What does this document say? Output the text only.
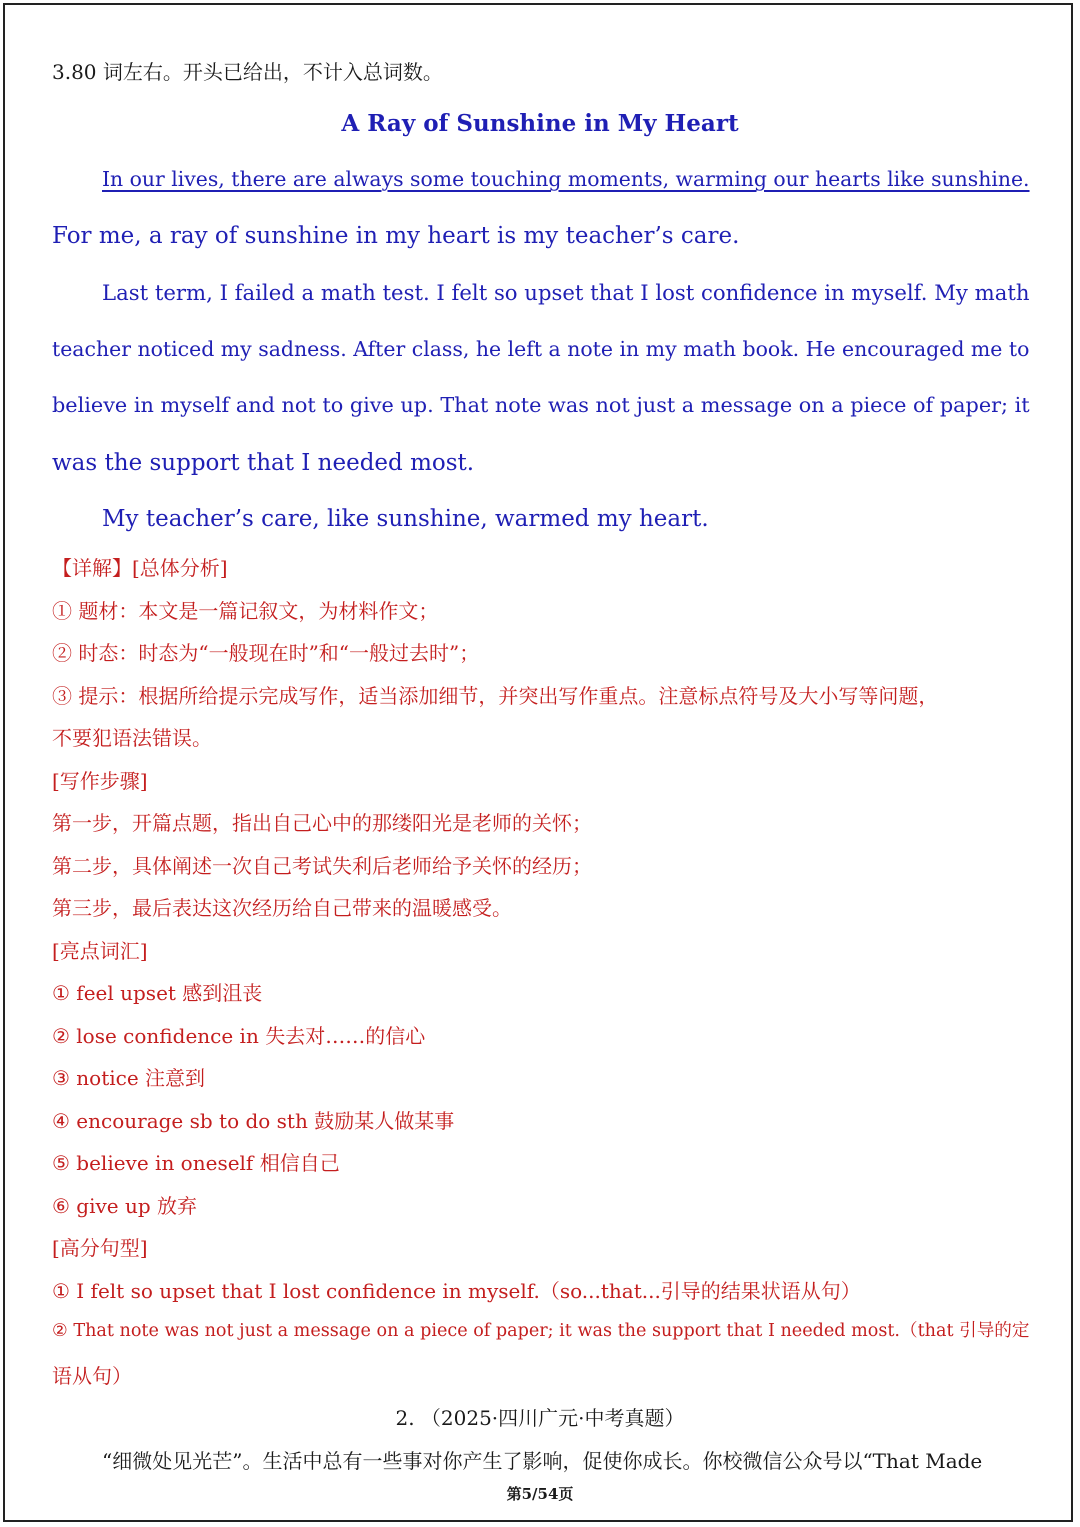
3.80 词左右。开头已给出，不计入总词数。
A Ray of Sunshine in My Heart
In our lives, there are always some touching moments, warming our hearts like sunshine.
For me, a ray of sunshine in my heart is my teacher’s care.
Last term, I failed a math test. I felt so upset that I lost confidence in myself. My math
teacher noticed my sadness. After class, he left a note in my math book. He encouraged me to
believe in myself and not to give up. That note was not just a message on a piece of paper; it
was the support that I needed most.
My teacher’s care, like sunshine, warmed my heart.
【详解】[总体分析]
① 题材：本文是一篇记叙文，为材料作文；
② 时态：时态为“一般现在时”和“一般过去时”；
③ 提示：根据所给提示完成写作，适当添加细节，并突出写作重点。注意标点符号及大小写等问题，
不要犯语法错误。
[写作步骤]
第一步，开篇点题，指出自己心中的那缕阳光是老师的关怀；
第二步，具体阐述一次自己考试失利后老师给予关怀的经历；
第三步，最后表达这次经历给自己带来的温暖感受。
[亮点词汇]
① feel upset 感到沮丧
② lose confidence in 失去对……的信心
③ notice 注意到
④ encourage sb to do sth 鼓励某人做某事
⑤ believe in oneself 相信自己
⑥ give up 放弃
[高分句型]
① I felt so upset that I lost confidence in myself.（so...that...引导的结果状语从句）
② That note was not just a message on a piece of paper; it was the support that I needed most.（that 引导的定
语从句）
2. （2025·四川广元·中考真题）
“细微处见光芒”。生活中总有一些事对你产生了影响，促使你成长。你校微信公众号以“That Made
第5/54页
